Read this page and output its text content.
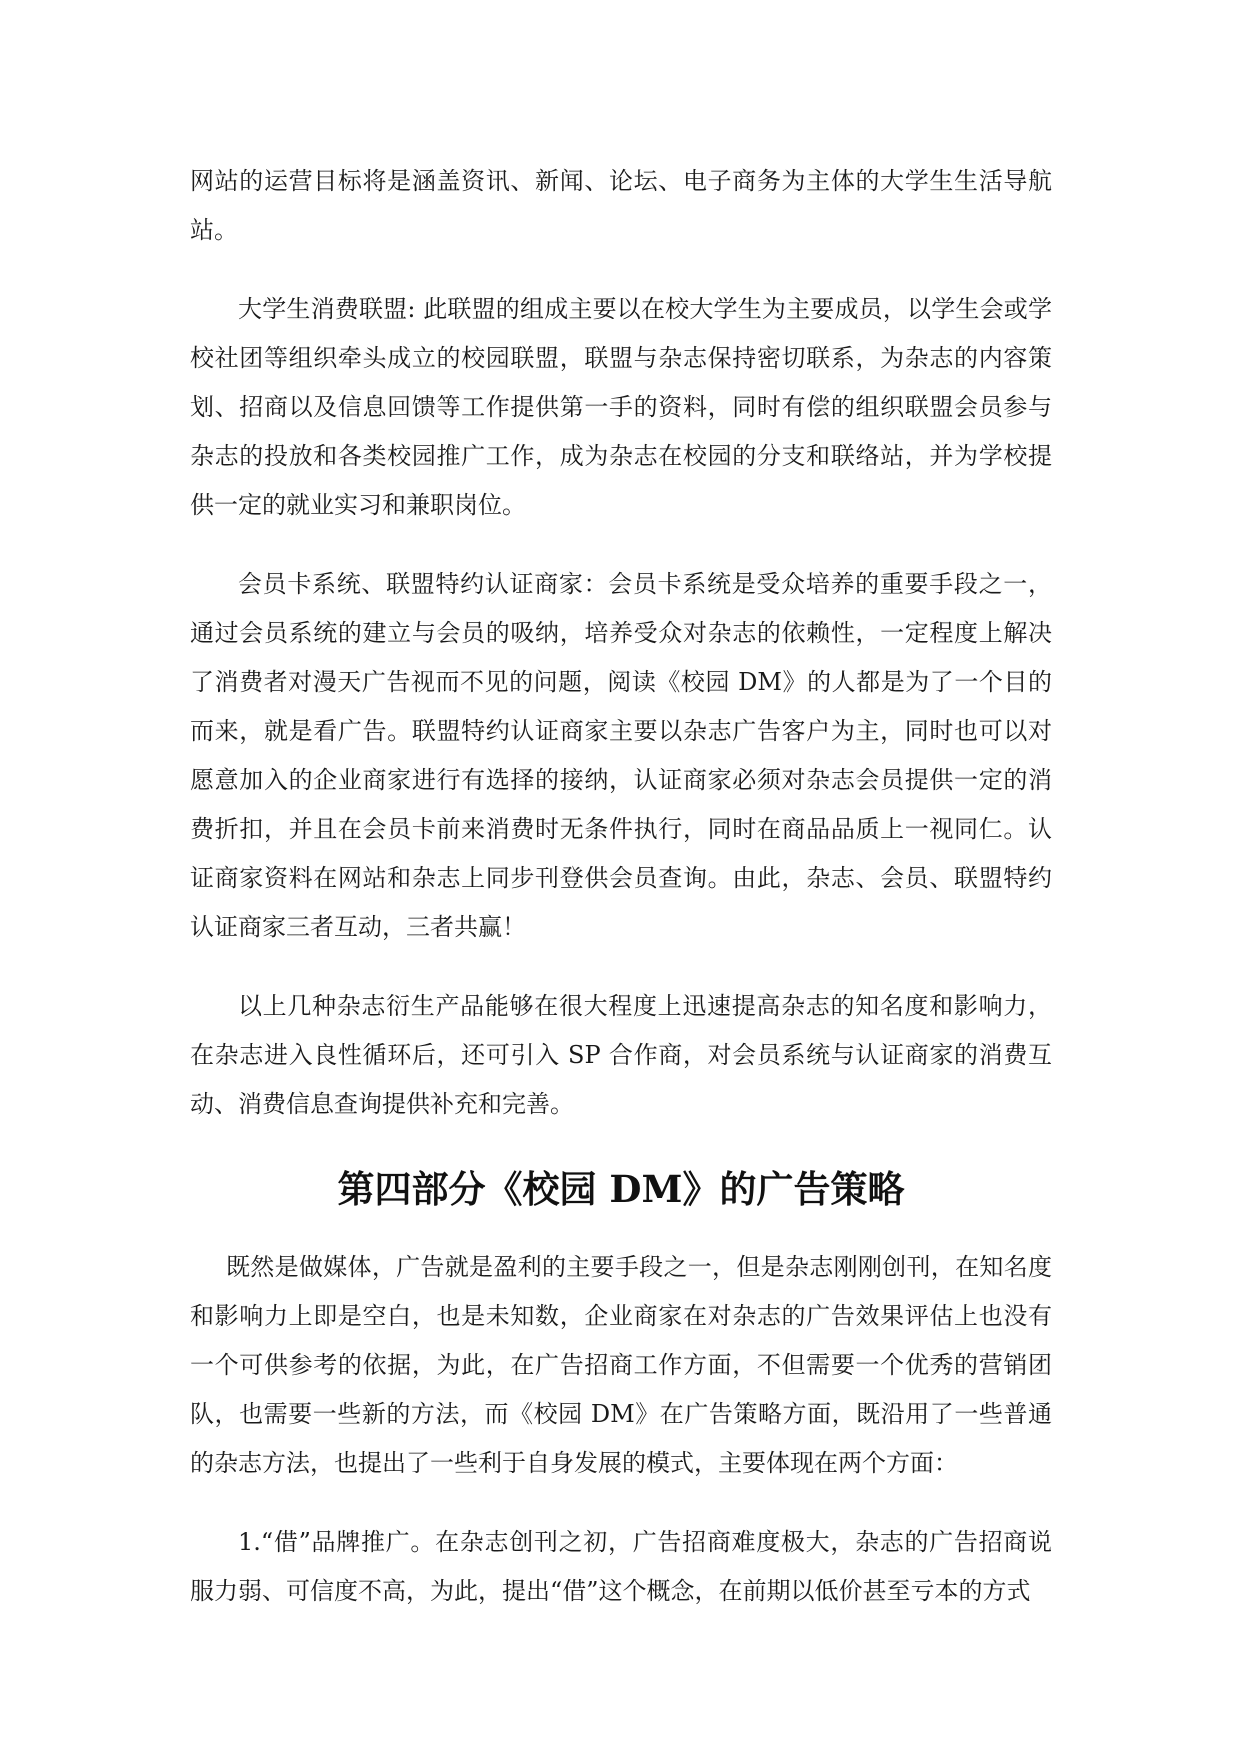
网站的运营目标将是涵盖资讯、新闻、论坛、电子商务为主体的大学生生活导航站。

大学生消费联盟: 此联盟的组成主要以在校大学生为主要成员，以学生会或学校社团等组织牵头成立的校园联盟，联盟与杂志保持密切联系，为杂志的内容策划、招商以及信息回馈等工作提供第一手的资料，同时有偿的组织联盟会员参与杂志的投放和各类校园推广工作，成为杂志在校园的分支和联络站，并为学校提供一定的就业实习和兼职岗位。

会员卡系统、联盟特约认证商家：会员卡系统是受众培养的重要手段之一，通过会员系统的建立与会员的吸纳，培养受众对杂志的依赖性，一定程度上解决了消费者对漫天广告视而不见的问题，阅读《校园 DM》的人都是为了一个目的而来，就是看广告。联盟特约认证商家主要以杂志广告客户为主，同时也可以对愿意加入的企业商家进行有选择的接纳，认证商家必须对杂志会员提供一定的消费折扣，并且在会员卡前来消费时无条件执行，同时在商品品质上一视同仁。认证商家资料在网站和杂志上同步刊登供会员查询。由此，杂志、会员、联盟特约认证商家三者互动，三者共赢！

以上几种杂志衍生产品能够在很大程度上迅速提高杂志的知名度和影响力，在杂志进入良性循环后，还可引入 SP 合作商，对会员系统与认证商家的消费互动、消费信息查询提供补充和完善。

第四部分《校园 DM》的广告策略

既然是做媒体，广告就是盈利的主要手段之一，但是杂志刚刚创刊，在知名度和影响力上即是空白，也是未知数，企业商家在对杂志的广告效果评估上也没有一个可供参考的依据，为此，在广告招商工作方面，不但需要一个优秀的营销团队，也需要一些新的方法，而《校园 DM》在广告策略方面，既沿用了一些普通的杂志方法，也提出了一些利于自身发展的模式，主要体现在两个方面：

1.“借”品牌推广。在杂志创刊之初，广告招商难度极大，杂志的广告招商说服力弱、可信度不高，为此，提出“借”这个概念，在前期以低价甚至亏本的方式
